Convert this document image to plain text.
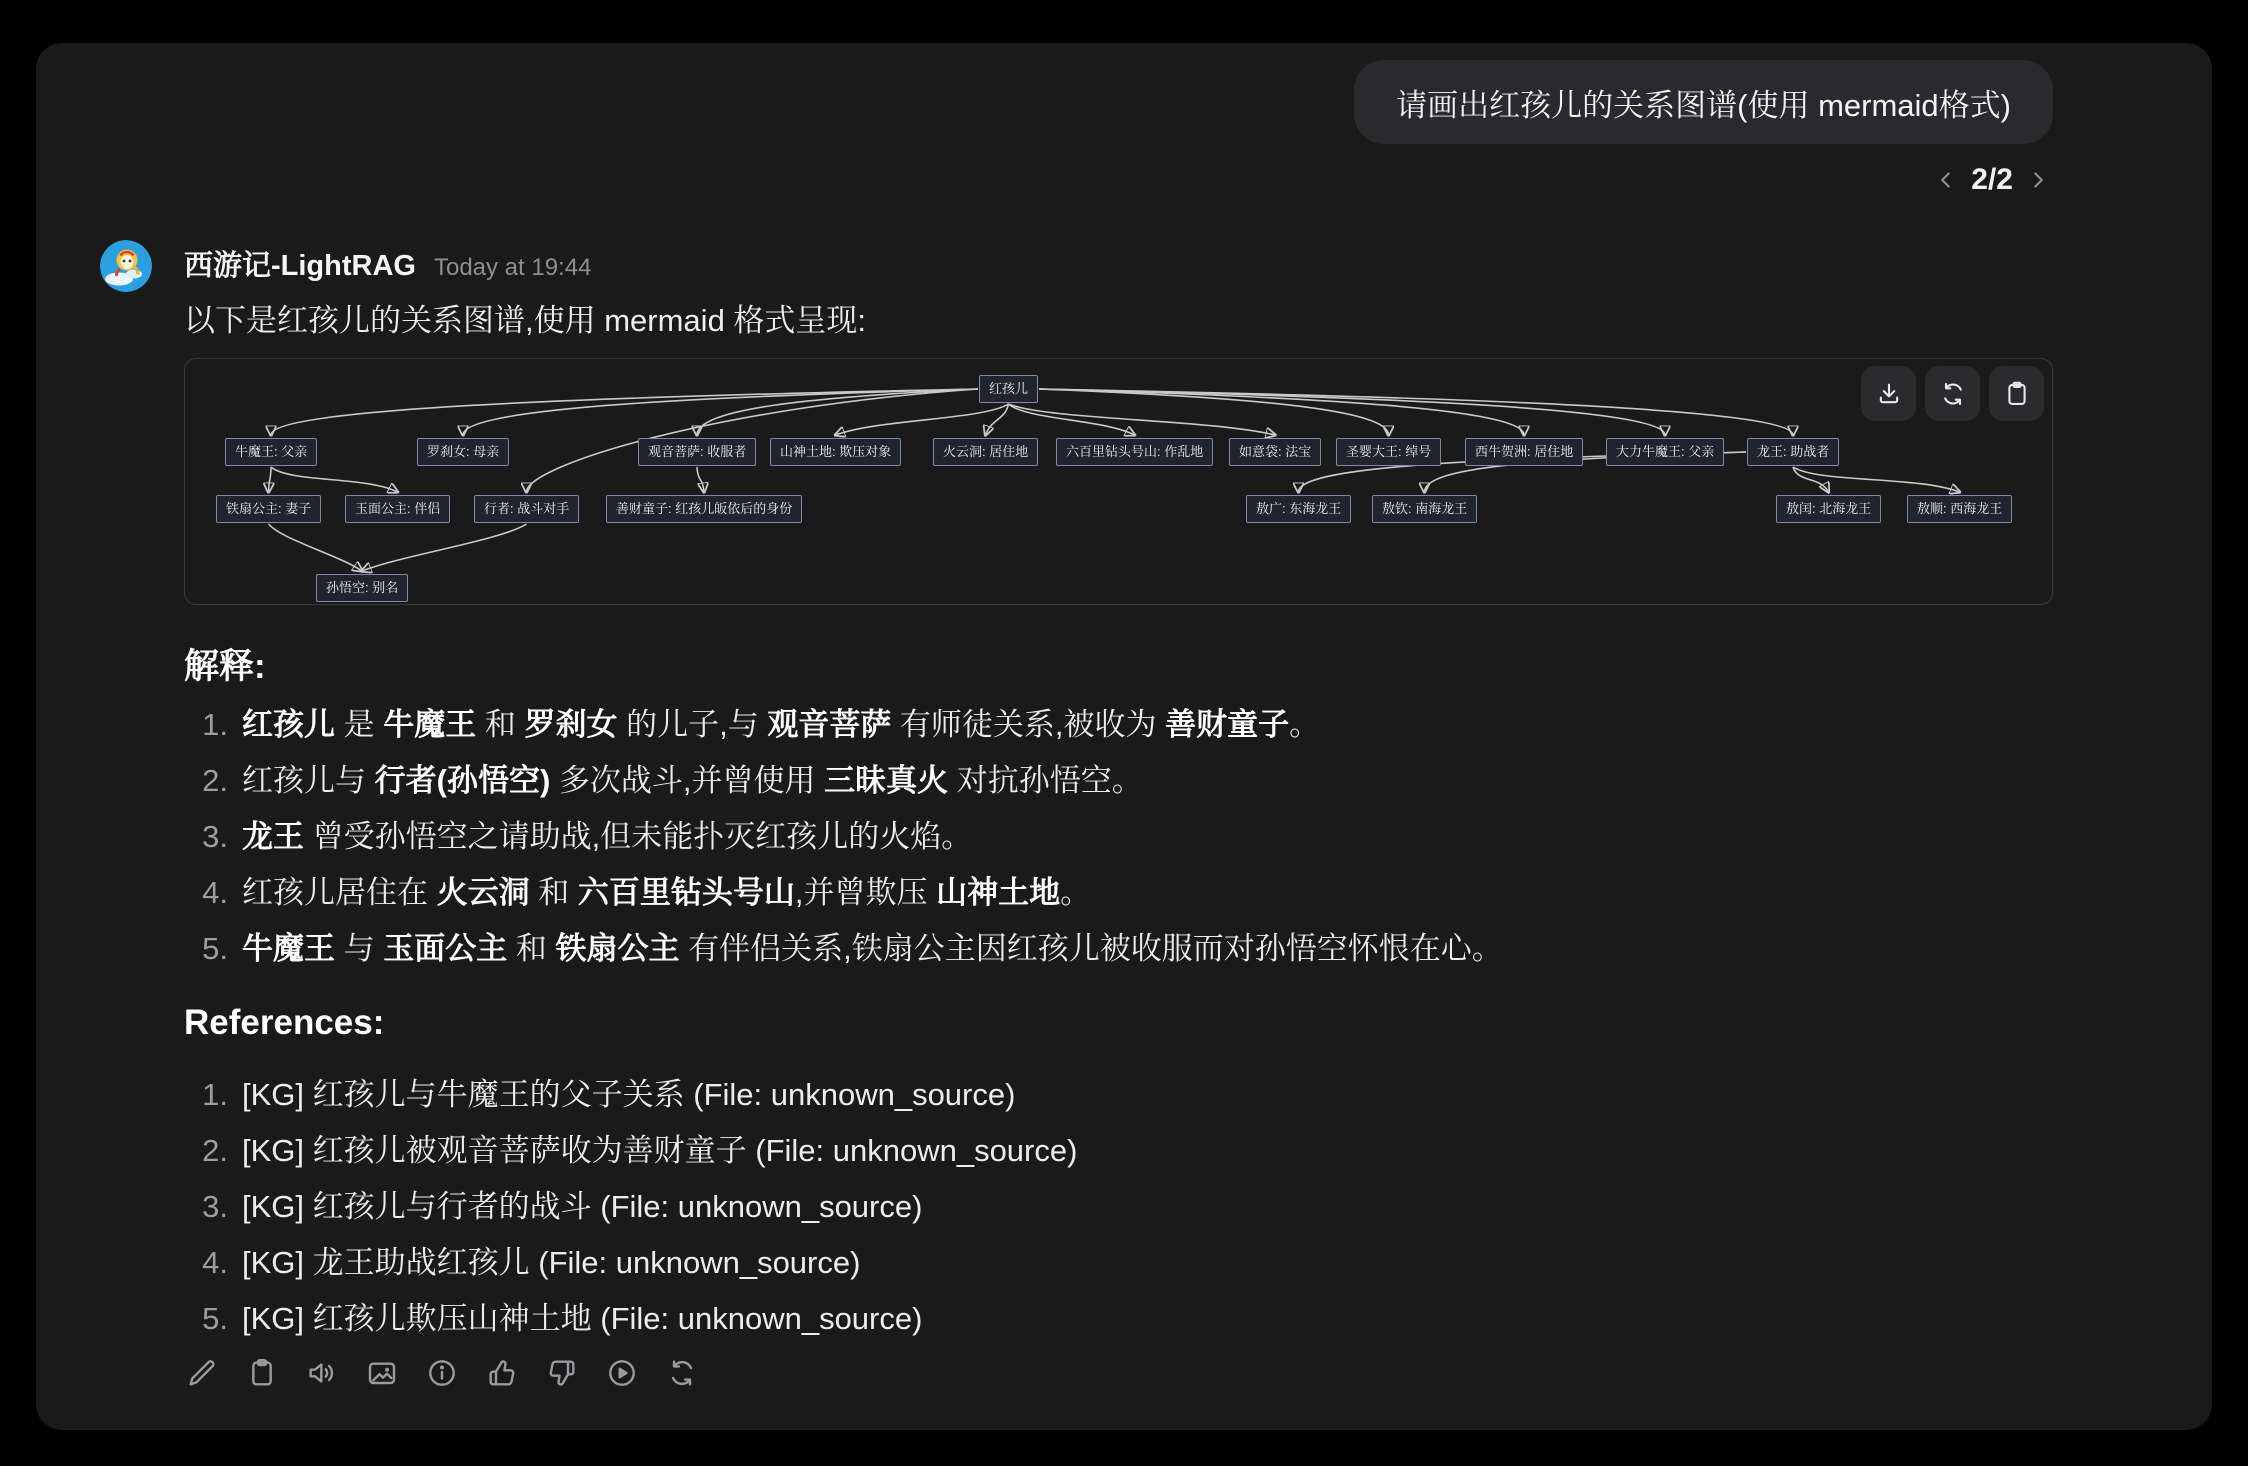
请画出红孩儿的关系图谱(使用 mermaid格式)
2/2
西游记-LightRAG Today at 19:44
以下是红孩儿的关系图谱,使用 mermaid 格式呈现:
红孩儿
牛魔王: 父亲	罗刹女: 母亲	观音菩萨: 收服者	山神土地: 欺压对象	火云洞: 居住地	六百里钻头号山: 作乱地	如意袋: 法宝	圣婴大王: 绰号	西牛贺洲: 居住地	大力牛魔王: 父亲	龙王: 助战者
铁扇公主: 妻子	玉面公主: 伴侣	行者: 战斗对手	善财童子: 红孩儿皈依后的身份	敖广: 东海龙王	敖钦: 南海龙王	敖闰: 北海龙王	敖顺: 西海龙王
孙悟空: 别名
解释:
1. 红孩儿 是 牛魔王 和 罗刹女 的儿子,与 观音菩萨 有师徒关系,被收为 善财童子。
2. 红孩儿与 行者(孙悟空) 多次战斗,并曾使用 三昧真火 对抗孙悟空。
3. 龙王 曾受孙悟空之请助战,但未能扑灭红孩儿的火焰。
4. 红孩儿居住在 火云洞 和 六百里钻头号山,并曾欺压 山神土地。
5. 牛魔王 与 玉面公主 和 铁扇公主 有伴侣关系,铁扇公主因红孩儿被收服而对孙悟空怀恨在心。
References:
1. [KG] 红孩儿与牛魔王的父子关系 (File: unknown_source)
2. [KG] 红孩儿被观音菩萨收为善财童子 (File: unknown_source)
3. [KG] 红孩儿与行者的战斗 (File: unknown_source)
4. [KG] 龙王助战红孩儿 (File: unknown_source)
5. [KG] 红孩儿欺压山神土地 (File: unknown_source)
